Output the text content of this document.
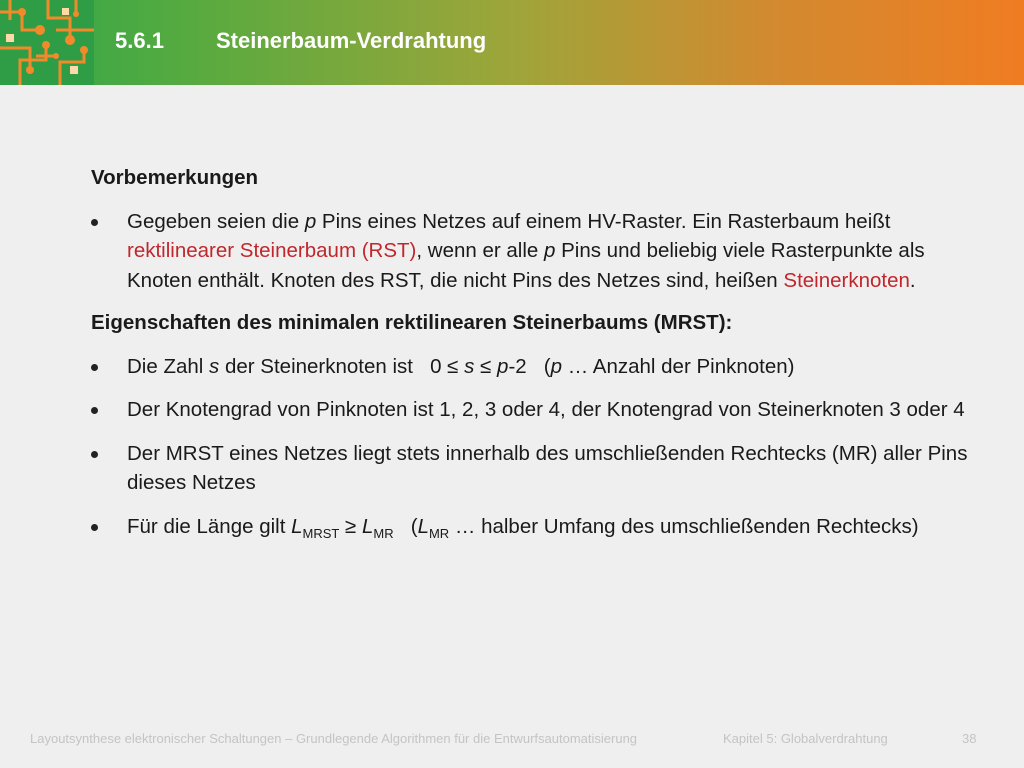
5.6.1 Steinerbaum-Verdrahtung

Vorbemerkungen

Gegeben seien die p Pins eines Netzes auf einem HV-Raster. Ein Rasterbaum heißt rektilinearer Steinerbaum (RST), wenn er alle p Pins und beliebig viele Rasterpunkte als Knoten enthält. Knoten des RST, die nicht Pins des Netzes sind, heißen Steinerknoten.

Eigenschaften des minimalen rektilinearen Steinerbaums (MRST):

Die Zahl s der Steinerknoten ist   0 ≤ s ≤ p-2   (p … Anzahl der Pinknoten)
Der Knotengrad von Pinknoten ist 1, 2, 3 oder 4, der Knotengrad von Steinerknoten 3 oder 4
Der MRST eines Netzes liegt stets innerhalb des umschließenden Rechtecks (MR) aller Pins dieses Netzes
Für die Länge gilt $L_{MRST} \ge L_{MR}$   ($L_{MR}$ … halber Umfang des umschließenden Rechtecks)
Layoutsynthese elektronischer Schaltungen – Grundlegende Algorithmen für die Entwurfsautomatisierung	Kapitel 5: Globalverdrahtung	38
